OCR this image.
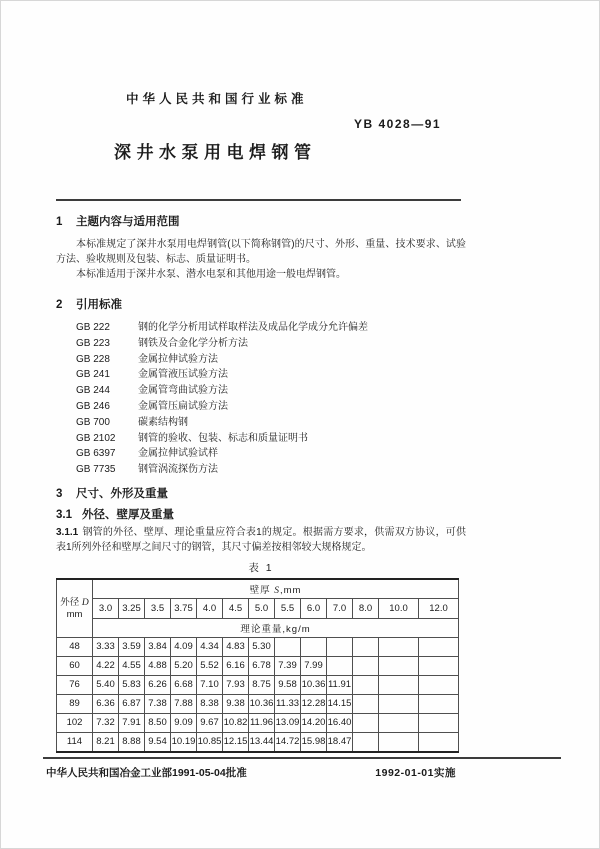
中华人民共和国行业标准
YB 4028—91
深井水泵用电焊钢管
1 主题内容与适用范围

本标准规定了深井水泵用电焊钢管(以下简称钢管)的尺寸、外形、重量、技术要求、试验方法、验收规则及包装、标志、质量证明书。

本标准适用于深井水泵、潜水电泵和其他用途一般电焊钢管。

2 引用标准
GB 222	钢的化学分析用试样取样法及成品化学成分允许偏差
GB 223	钢铁及合金化学分析方法
GB 228	金属拉伸试验方法
GB 241	金属管液压试验方法
GB 244	金属管弯曲试验方法
GB 246	金属管压扁试验方法
GB 700	碳素结构钢
GB 2102 钢管的验收、包装、标志和质量证明书
GB 6397 金属拉伸试验试样
GB 7735 钢管涡流探伤方法
3 尺寸、外形及重量
3.1 外径、壁厚及重量

3.1.1 钢管的外径、壁厚、理论重量应符合表1的规定。根据需方要求，供需双方协议，可供表1所列外径和壁厚之间尺寸的钢管，其尺寸偏差按相邻较大规格规定。

表 1
外径 D
mm	壁厚 S,mm												
	3.0	3.25	3.5	3.75	4.0	4.5	5.0	5.5	6.0	7.0	8.0	10.0	12.0
	理论重量,kg/m												
48	3.33	3.59	3.84	4.09	4.34	4.83	5.30						
60	4.22	4.55	4.88	5.20	5.52	6.16	6.78	7.39	7.99				
76	5.40	5.83	6.26	6.68	7.10	7.93	8.75	9.58	10.36	11.91			
89	6.36	6.87	7.38	7.88	8.38	9.38	10.36	11.33	12.28	14.15			
102	7.32	7.91	8.50	9.09	9.67	10.82	11.96	13.09	14.20	16.40			
114	8.21	8.88	9.54	10.19	10.85	12.15	13.44	14.72	15.98	18.47			
中华人民共和国冶金工业部1991-05-04批准	1992-01-01实施
